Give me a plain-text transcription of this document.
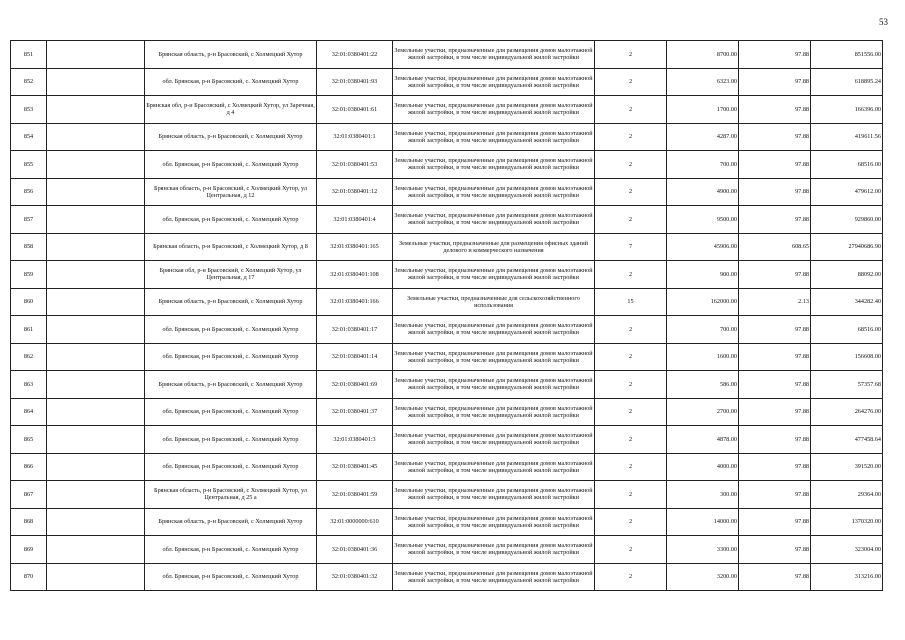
53
851		Брянская область, р-н Брасовский, с Холмецкий Хутор	32:01:0380401:22	Земельные участки, предназначенные для размещения домов малоэтажной жилой застройки, в том числе индивидуальной жилой застройки	2	8700.00	97.88	851556.00
852		обл. Брянская, р-н Брасовский, с. Холмецкий Хутор	32:01:0380401:93	Земельные участки, предназначенные для размещения домов малоэтажной жилой застройки, в том числе индивидуальной жилой застройки	2	6323.00	97.88	618895.24
853		Брянская обл, р-н Брасовский, с Холмецкий Хутор, ул Заречная, д 4	32:01:0380401:61	Земельные участки, предназначенные для размещения домов малоэтажной жилой застройки, в том числе индивидуальной жилой застройки	2	1700.00	97.88	166396.00
854		Брянская область, р-н Брасовский, с Холмецкий Хутор	32:01:0380401:1	Земельные участки, предназначенные для размещения домов малоэтажной жилой застройки, в том числе индивидуальной жилой застройки	2	4287.00	97.88	419611.56
855		обл. Брянская, р-н Брасовский, с. Холмецкий Хутор	32:01:0380401:53	Земельные участки, предназначенные для размещения домов малоэтажной жилой застройки, в том числе индивидуальной жилой застройки	2	700.00	97.88	68516.00
856		Брянская область, р-н Брасовский, с Холмецкий Хутор, ул Центральная, д 12	32:01:0380401:12	Земельные участки, предназначенные для размещения домов малоэтажной жилой застройки, в том числе индивидуальной жилой застройки	2	4900.00	97.88	479612.00
857		обл. Брянская, р-н Брасовский, с. Холмецкий Хутор	32:01:0380401:4	Земельные участки, предназначенные для размещения домов малоэтажной жилой застройки, в том числе индивидуальной жилой застройки	2	9500.00	97.88	929860.00
858		Брянская область, р-н Брасовский, с Холмецкий Хутор, д 8	32:01:0380401:165	Земельные участки, предназначенные для размещения офисных зданий делового и коммерческого назначения	7	45906.00	608.65	27940686.90
859		Брянская обл, р-н Брасовский, с Холмецкий Хутор, ул Центральная, д 17	32:01:0380401:108	Земельные участки, предназначенные для размещения домов малоэтажной жилой застройки, в том числе индивидуальной жилой застройки	2	900.00	97.88	88092.00
860		Брянская область, р-н Брасовский, с Холмецкий Хутор	32:01:0380401:166	Земельные участки, предназначенные для сельскохозяйственного использования	15	162000.00	2.13	344282.40
861		обл. Брянская, р-н Брасовский, с. Холмецкий Хутор	32:01:0380401:17	Земельные участки, предназначенные для размещения домов малоэтажной жилой застройки, в том числе индивидуальной жилой застройки	2	700.00	97.88	68516.00
862		обл. Брянская, р-н Брасовский, с. Холмецкий Хутор	32:01:0380401:14	Земельные участки, предназначенные для размещения домов малоэтажной жилой застройки, в том числе индивидуальной жилой застройки	2	1600.00	97.88	156608.00
863		Брянская область, р-н Брасовский, с Холмецкий Хутор	32:01:0380401:69	Земельные участки, предназначенные для размещения домов малоэтажной жилой застройки, в том числе индивидуальной жилой застройки	2	586.00	97.88	57357.68
864		обл. Брянская, р-н Брасовский, с. Холмецкий Хутор	32:01:0380401:37	Земельные участки, предназначенные для размещения домов малоэтажной жилой застройки, в том числе индивидуальной жилой застройки	2	2700.00	97.88	264276.00
865		обл. Брянская, р-н Брасовский, с. Холмецкий Хутор	32:01:0380401:3	Земельные участки, предназначенные для размещения домов малоэтажной жилой застройки, в том числе индивидуальной жилой застройки	2	4878.00	97.88	477458.64
866		обл. Брянская, р-н Брасовский, с. Холмецкий Хутор	32:01:0380401:45	Земельные участки, предназначенные для размещения домов малоэтажной жилой застройки, в том числе индивидуальной жилой застройки	2	4000.00	97.88	391520.00
867		Брянская область, р-н Брасовский, с Холмецкий Хутор, ул Центральная, д 25 а	32:01:0380401:59	Земельные участки, предназначенные для размещения домов малоэтажной жилой застройки, в том числе индивидуальной жилой застройки	2	300.00	97.88	29364.00
868		Брянская область, р-н Брасовский, с Холмецкий Хутор	32:01:0000000:610	Земельные участки, предназначенные для размещения домов малоэтажной жилой застройки, в том числе индивидуальной жилой застройки	2	14000.00	97.88	1370320.00
869		обл. Брянская, р-н Брасовский, с. Холмецкий Хутор	32:01:0380401:36	Земельные участки, предназначенные для размещения домов малоэтажной жилой застройки, в том числе индивидуальной жилой застройки	2	3300.00	97.88	323004.00
870		обл. Брянская, р-н Брасовский, с. Холмецкий Хутор	32:01:0380401:32	Земельные участки, предназначенные для размещения домов малоэтажной жилой застройки, в том числе индивидуальной жилой застройки	2	3200.00	97.88	313216.00
